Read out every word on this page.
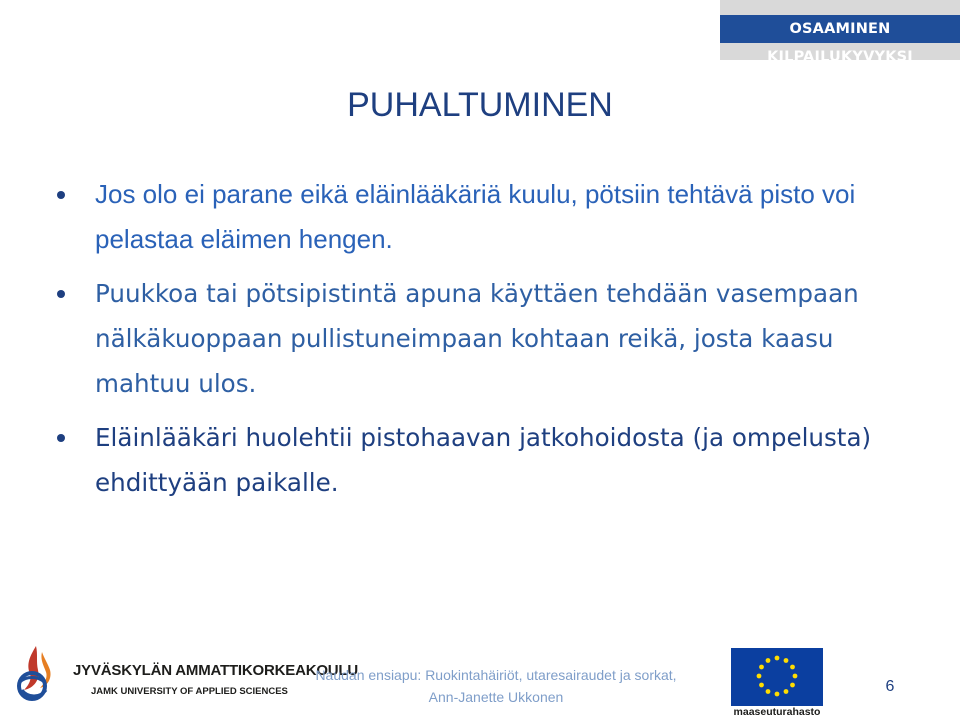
OSAAMINEN KILPAILUKYVYKSI
PUHALTUMINEN
Jos olo ei parane eikä eläinlääkäriä kuulu, pötsiin tehtävä pisto voi pelastaa eläimen hengen.
Puukkoa tai pötsipistintä apuna käyttäen tehdään vasempaan nälkäkuoppaan pullistuneimpaan kohtaan reikä, josta kaasu mahtuu ulos.
Eläinlääkäri huolehtii pistohaavan jatkohoidosta (ja ompelusta) ehdittyään paikalle.
JYVÄSKYLÄN AMMATTIKORKEAKOULU
JAMK UNIVERSITY OF APPLIED SCIENCES
Naudan ensiapu: Ruokintahäiriöt, utaresairaudet ja sorkat,
Ann-Janette Ukkonen
maaseuturahasto
6
